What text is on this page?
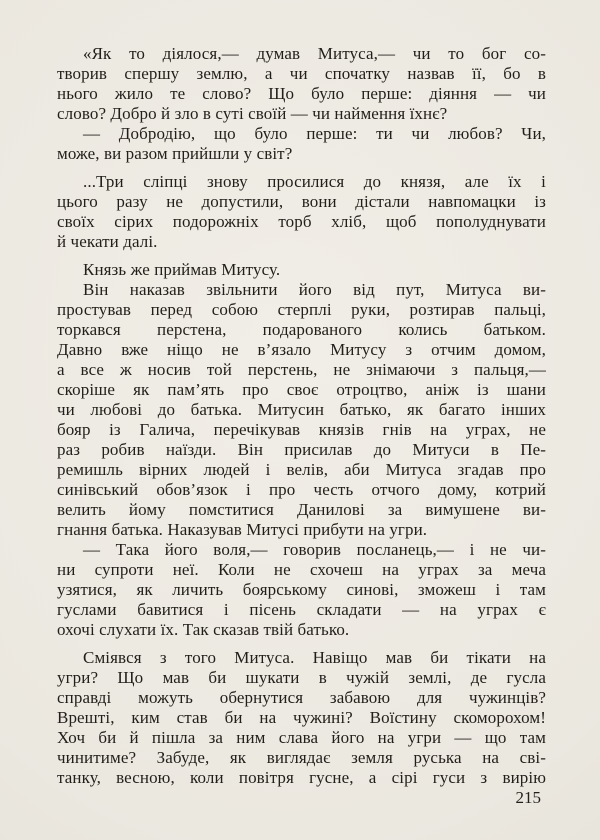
«Як то діялося,— думав Митуса,— чи то бог со-
творив спершу землю, а чи спочатку назвав її, бо в
нього жило те слово? Що було перше: діяння — чи
слово? Добро й зло в суті своїй — чи наймення їхнє?
— Добродію, що було перше: ти чи любов? Чи,
може, ви разом прийшли у світ?
...Три сліпці знову просилися до князя, але їх і
цього разу не допустили, вони дістали навпомацки із
своїх сірих подорожніх торб хліб, щоб пополуднувати
й чекати далі.
Князь же приймав Митусу.
Він наказав звільнити його від пут, Митуса ви-
простував перед собою стерплі руки, розтирав пальці,
торкався перстена, подарованого колись батьком.
Давно вже ніщо не в’язало Митусу з отчим домом,
а все ж носив той перстень, не знімаючи з пальця,—
скоріше як пам’ять про своє отроцтво, аніж із шани
чи любові до батька. Митусин батько, як багато інших
бояр із Галича, перечікував князів гнів на уграх, не
раз робив наїзди. Він присилав до Митуси в Пе-
ремишль вірних людей і велів, аби Митуса згадав про
синівський обов’язок і про честь отчого дому, котрий
велить йому помститися Данилові за вимушене ви-
гнання батька. Наказував Митусі прибути на угри.
— Така його воля,— говорив посланець,— і не чи-
ни супроти неї. Коли не схочеш на уграх за меча
узятися, як личить боярському синові, зможеш і там
гуслами бавитися і пісень складати — на уграх є
охочі слухати їх. Так сказав твій батько.
Сміявся з того Митуса. Навіщо мав би тікати на
угри? Що мав би шукати в чужій землі, де гусла
справді можуть обернутися забавою для чужинців?
Врешті, ким став би на чужині? Воїстину скоморохом!
Хоч би й пішла за ним слава його на угри — що там
чинитиме? Забуде, як виглядає земля руська на сві-
танку, весною, коли повітря гусне, а сірі гуси з вирію
215
